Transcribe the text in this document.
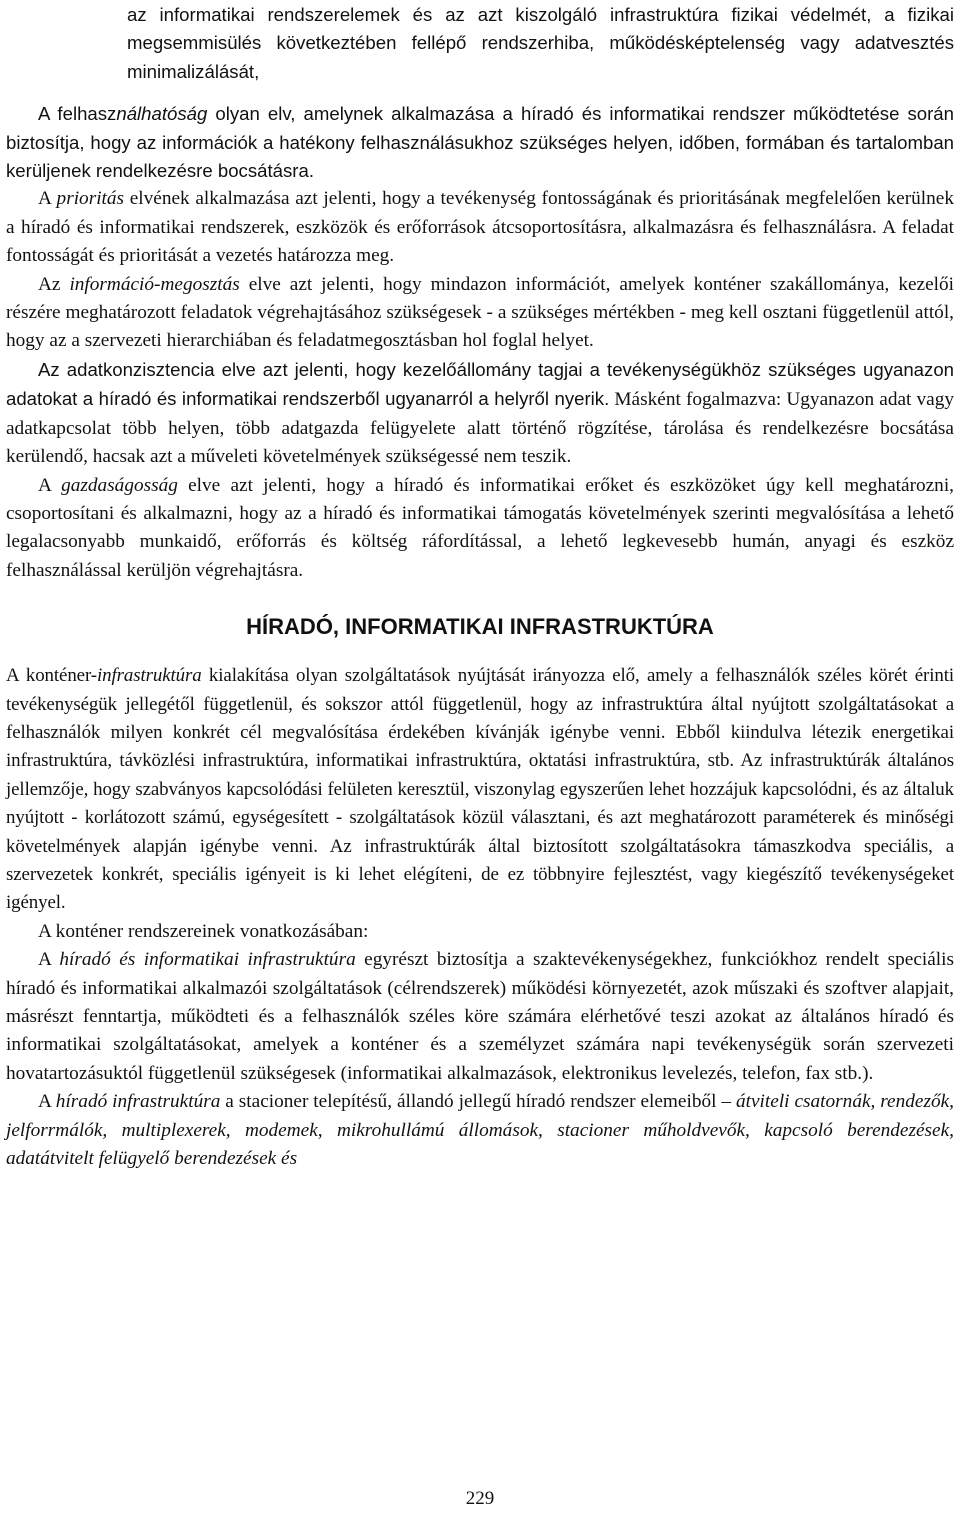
az informatikai rendszerelemek és az azt kiszolgáló infrastruktúra fizikai védelmét, a fizikai megsemmisülés következtében fellépő rendszerhiba, működésképtelenség vagy adatvesztés minimalizálását,

A felhasználhatóság olyan elv, amelynek alkalmazása a híradó és informatikai rendszer működtetése során biztosítja, hogy az információk a hatékony felhasználásukhoz szükséges helyen, időben, formában és tartalomban kerüljenek rendelkezésre bocsátásra.

A prioritás elvének alkalmazása azt jelenti, hogy a tevékenység fontosságának és prioritásának megfelelően kerülnek a híradó és informatikai rendszerek, eszközök és erőforrások átcsoportosításra, alkalmazásra és felhasználásra. A feladat fontosságát és prioritását a vezetés határozza meg.

Az információ-megosztás elve azt jelenti, hogy mindazon információt, amelyek konténer szakállománya, kezelői részére meghatározott feladatok végrehajtásához szükségesek - a szükséges mértékben - meg kell osztani függetlenül attól, hogy az a szervezeti hierarchiában és feladatmegosztásban hol foglal helyet.

Az adatkonzisztencia elve azt jelenti, hogy kezelőállomány tagjai a tevékenységükhöz szükséges ugyanazon adatokat a híradó és informatikai rendszerből ugyanarról a helyről nyerik. Másként fogalmazva: Ugyanazon adat vagy adatkapcsolat több helyen, több adatgazda felügyelete alatt történő rögzítése, tárolása és rendelkezésre bocsátása kerülendő, hacsak azt a műveleti követelmények szükségessé nem teszik.

A gazdaságosság elve azt jelenti, hogy a híradó és informatikai erőket és eszközöket úgy kell meghatározni, csoportosítani és alkalmazni, hogy az a híradó és informatikai támogatás követelmények szerinti megvalósítása a lehető legalacsonyabb munkaidő, erőforrás és költség ráfordítással, a lehető legkevesebb humán, anyagi és eszköz felhasználással kerüljön végrehajtásra.

HÍRADÓ, INFORMATIKAI INFRASTRUKTÚRA

A konténer-infrastruktúra kialakítása olyan szolgáltatások nyújtását irányozza elő, amely a felhasználók széles körét érinti tevékenységük jellegétől függetlenül, és sokszor attól függetlenül, hogy az infrastruktúra által nyújtott szolgáltatásokat a felhasználók milyen konkrét cél megvalósítása érdekében kívánják igénybe venni. Ebből kiindulva létezik energetikai infrastruktúra, távközlési infrastruktúra, informatikai infrastruktúra, oktatási infrastruktúra, stb. Az infrastruktúrák általános jellemzője, hogy szabványos kapcsolódási felületen keresztül, viszonylag egyszerűen lehet hozzájuk kapcsolódni, és az általuk nyújtott - korlátozott számú, egységesített - szolgáltatások közül választani, és azt meghatározott paraméterek és minőségi követelmények alapján igénybe venni. Az infrastruktúrák által biztosított szolgáltatásokra támaszkodva speciális, a szervezetek konkrét, speciális igényeit is ki lehet elégíteni, de ez többnyire fejlesztést, vagy kiegészítő tevékenységeket igényel.

A konténer rendszereinek vonatkozásában:

A híradó és informatikai infrastruktúra egyrészt biztosítja a szaktevékenységekhez, funkciókhoz rendelt speciális híradó és informatikai alkalmazói szolgáltatások (célrendszerek) működési környezetét, azok műszaki és szoftver alapjait, másrészt fenntartja, működteti és a felhasználók széles köre számára elérhetővé teszi azokat az általános híradó és informatikai szolgáltatásokat, amelyek a konténer és a személyzet számára napi tevékenységük során szervezeti hovatartozásuktól függetlenül szükségesek (informatikai alkalmazások, elektronikus levelezés, telefon, fax stb.).

A híradó infrastruktúra a stacioner telepítésű, állandó jellegű híradó rendszer elemeiből – átviteli csatornák, rendezők, jelforrmálók, multiplexerek, modemek, mikrohullámú állomások, stacioner műholdvevők, kapcsoló berendezések, adatátvitelt felügyelő berendezések és

229
